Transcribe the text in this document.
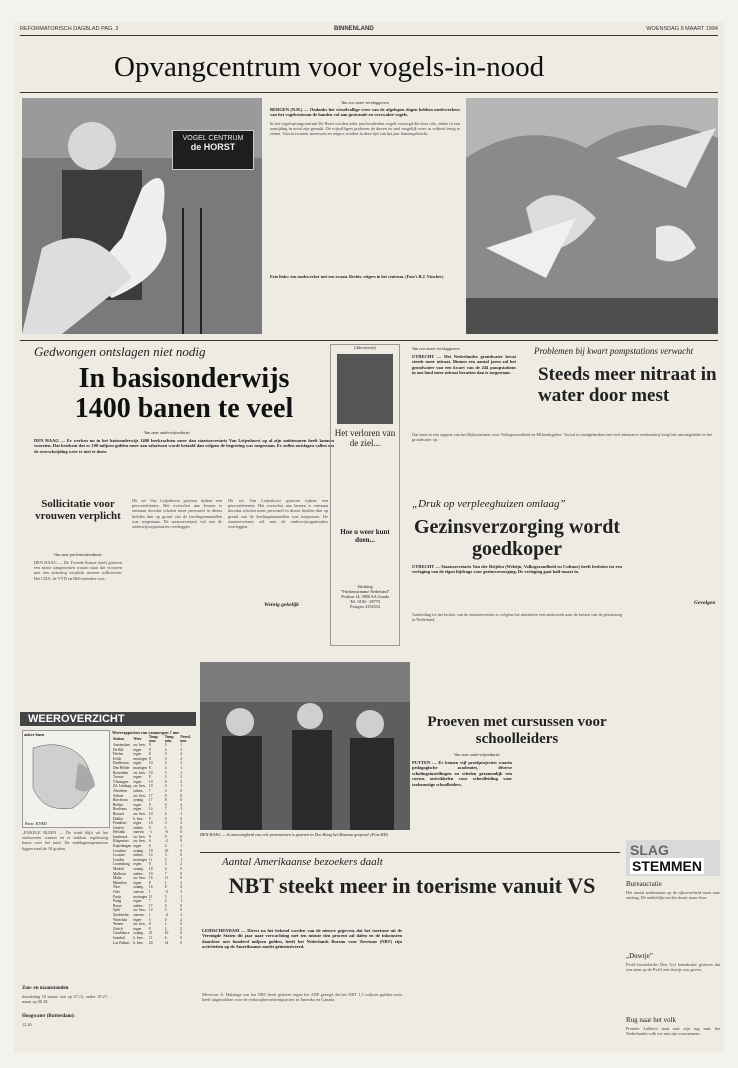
REFORMATORISCH DAGBLAD PAG. 3	BINNENLAND	WOENSDAG 9 MAART 1994
Opvangcentrum voor vogels-in-nood
VOGEL CENTRUM
de HORST
Van een onzer verslaggevers
BERGEN (N.H.) — Ondanks het wisselvallige weer van de afgelopen dagen hebben medewerkers van het vogelcentrum de handen vol aan gestrande en verzwakte vogels.
In het vogelopvangcentrum De Horst worden ieder jaar honderden vogels verzorgd die door olie, ziekte of een aanrijding in nood zijn geraakt. De vrijwilligers proberen de dieren zo snel mogelijk weer in vrijheid terug te zetten. Vooral zwanen, meeuwen en reigers worden in deze tijd van het jaar binnengebracht.
Foto links: een medewerker met een zwaan. Rechts: reigers in het centrum. (Foto's R.J. Visscher)
Gedwongen ontslagen niet nodig
In basisonderwijs 1400 banen te veel
Van onze onderwijsredactie
DEN HAAG — Er werken nu in het basisonderwijs 1400 leerkrachten meer dan staatssecretaris Van Leijenhorst op al zijn ambtenaren heeft kunnen voorzien. Dat betekent dat er 100 miljoen gulden meer aan salarissen wordt betaald dan volgens de begroting was toegestaan. Er zullen ontslagen vallen om de overschrijding weer te niet te doen.
Dit zei Van Leijenhorst gisteren tijdens een persconferentie. Het overschot aan leraren is ontstaan doordat scholen meer personeel in dienst hielden dan op grond van de leerlingenaantallen was toegestaan. De staatssecretaris wil met de onderwijsorganisaties overleggen.
Dit zei Van Leijenhorst gisteren tijdens een persconferentie. Het overschot aan leraren is ontstaan doordat scholen meer personeel in dienst hielden dan op grond van de leerlingenaantallen was toegestaan. De staatssecretaris wil met de onderwijsorganisaties overleggen.
Weinig gekelijk
Sollicitatie voor vrouwen verplicht
Van onze parlementsredactie
DEN HAAG — De Tweede Kamer heeft gisteren een motie aangenomen waarin staat dat vrouwen met een uitkering verplicht moeten solliciteren. Het CDA, de VVD en D66 stemden voor.
(Advertentie)
Het verloren van de ziel...
Hoe u weer kunt doen...
Stichting
"Friedensstimme Nederland"
Postbus 14, 3800 AA Gouda
Tel. 0182 - 38770
Postgiro 4152334
Van een onzer verslaggevers
UTRECHT — Het Nederlandse grondwater bevat steeds meer nitraat. Binnen een aantal jaren zal het grondwater van een kwart van de 244 pompstations in ons land meer nitraat bevatten dan is toegestaan.
Problemen bij kwart pompstations verwacht
Steeds meer nitraat in water door mest
Dat staat in een rapport van het Rijksinstituut voor Volksgezondheid en Milieuhygiëne. Vooral in zandgebieden met veel intensieve veehouderij loopt het nitraatgehalte in het grondwater op.
Gevolgen
„Druk op verpleeghuizen omlaag”
Gezinsverzorging wordt goedkoper
UTRECHT — Staatssecretaris Van der Reijden (Welzijn, Volksgezondheid en Cultuur) heeft besloten tot een verlaging van de eigen bijdrage voor gezinsverzorging. De verlaging gaat half maart in.
Aanleiding tot het besluit van de staatssecretaris is volgens het ministerie een onderzoek naar de kosten van de gezinszorg in Nederland.
DEN HAAG — In aanwezigheid van vele prominenten is gisteren in Den Haag het Museum geopend. (Foto RD)
Proeven met cursussen voor schoolleiders
Van onze onderwijsredactie
PUTTEN — Er komen vijf proefprojecten waarin pedagogische academies, diverse scholingsinstellingen en scholen gezamenlijk een cursus ontwikkelen voor schoolleiding voor toekomstige schoolleiders.
WEEROVERZICHT
anker buen
Bron: KNMI
„ENKELE BUIEN — De wind blijft uit het zuidwesten waaien en er trekken regelmatig buien over het land. De middagtemperaturen liggen rond de 10 graden.
Zon- en maanstanden
donderdag 10 maart: zon op 07.13, onder 18.27; maan op 08.28.
Hoogwater (Rotterdam):
12.26
Weerrapporten van vanmorgen 7 uur
Station	Weer	Temp. max.	Temp. min.	Neersl. mm.
Amsterdam	zw. bew.	9	5	1
De Bilt	regen	9	4	3
Deelen	regen	8	3	4
Eelde	motregen	8	3	2
Eindhoven	regen	10	5	2
Den Helder	motregen	8	4	1
Rotterdam	zw. bew.	10	5	1
Twente	regen	8	3	3
Vlissingen	regen	10	6	2
Zd. Limburg	zw. bew.	10	4	1
Aberdeen	onbew.	7	3	0
Athene	zw. bew.	17	9	0
Barcelona	zonnig	17	8	0
Berlijn	regen	9	4	4
Bordeaux	regen	14	7	3
Brussel	zw. bew.	10	4	1
Dublin	h. bew.	9	4	0
Frankfurt	regen	10	3	2
Genève	onbew.	9	1	0
Helsinki	sneeuw	-1	-6	0
Innsbruck	zw. bew.	9	0	0
Klagenfurt	zw. bew.	6	-2	0
Kopenhagen	regen	6	2	1
Lissabon	zonnig	19	10	0
Locarno	onbew.	14	3	0
Londen	motregen	11	5	1
Luxemburg	regen	8	3	2
Madrid	zonnig	18	4	0
Mallorca	onbew.	19	7	0
Malta	zw. bew.	16	11	0
München	regen	8	1	2
Nice	zonnig	16	8	0
Oslo	sneeuw	1	-3	3
Parijs	motregen	11	5	1
Praag	regen	7	2	1
Rome	onbew.	17	6	0
Split	zw. bew.	14	5	0
Stockholm	sneeuw	1	-4	2
Warschau	regen	5	0	2
Wenen	zw. bew.	8	1	0
Zürich	regen	8	2	2
Casablanca	zonnig	21	10	0
Istanbul	h. bew.	11	6	0
Las Palmas	h. bew.	20	14	0
Aantal Amerikaanse bezoekers daalt
NBT steekt meer in toerisme vanuit VS
LEIDSCHENDAM — Direct na het bekend worden van de nieuwe gegevens dat het toerisme uit de Verenigde Staten dit jaar naar verwachting met ten minste tien procent zal dalen en de inkomsten daardoor met honderd miljoen gulden, heeft het Nederlands Bureau voor Toerisme (NBT) zijn activiteiten op de Amerikaanse markt geïntensiveerd.
Mevrouw A. Hulsinga van het NBT heeft gisteren tegen het ANP gezegd dat het NBT 1,5 miljoen gulden extra heeft uitgetrokken voor de verkoopbevorderingsacties in Amerika en Canada.
SLAG
STEMMEN
Bureaucratie
Het aantal ambtenaren op de rijksoverheid moet naar omlaag. De ambtelijke molen draait maar door.
„Duwtje”
PvdA-fractieleider Den Uyl benadrukte gisteren dat een stem op de PvdA een duwtje zou geven.
Rug naar het volk
Premier Lubbers staat met zijn rug naar het Nederlandse volk toe met zijn voornemens.
